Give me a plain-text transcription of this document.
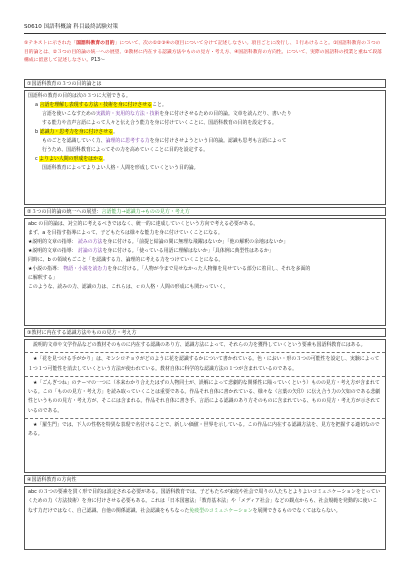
S0610 国語科概論 科目最終試験対策
⑤テキストに示された「国語科教育の目的」について、次の①②③④の項目について分けて記述しなさい。項目ごとに改行し、１行あけること。①国語科教育の３つの目的論とは、②３つの目的論の統一への展望、③教材に内在する認識方法やものの見方・考え方、④国語科教育の方向性。について、実際の国語科の授業と重ねて段落構成に留意して記述しなさい。P13〜
①国語科教育の３つの目的論とは
国語科の教育の目的は次の３つに大別できる。
a 言語を理解し表現する方法・技術を身に付けさせること。
言語を使いこなすための実践的・実用的な方法・技術を身に付けさせるための目的論。文章を読んだり、書いたり
する能力や音声言語によって人々と伝え合う能力を身に付けていくことに、国語科教育の目的を設定する。
b 認識力・思考力を身に付けさせる。
ものごとを認識していく力、論理的に思考する力を身に付けさせようという目的論。認識も思考も言語によって
行うため、国語科教育によってその力を高めていくことに目的を設定する。
c よりよい人間の形成をはかる。
国語科教育によってよりよい人格・人間を形成していくという目的論。
②３つの目的論の統一への展望：言語能力→認識力→ものの見方・考え方
abc の目的論は、対立的に考えるべきではなく、統一的に達成していくという方向で考える必要がある。
まず、a を目指す指導によって、子どもたちは様々な能力を身に付けていくことになる。
★説明的文章の指導： 読みの方法を身に付ける。「前提と結論の間に無理な飛躍はないか」「他の解釈の余地はないか」
★説明的文章の指導： 討論の方法を身に付ける。「使っている用語に理解はないか」「具体例に典型性はあるか」
同時に、b の領域もごこと「を認識する力、論理的に考える力をつけていくことになる。
★小説の指導： 物語・小説を読む力を身に付ける。「人物が今まで見せなかった人物像を見せている部分に着目し、それを多面的
に解釈する」
このような、読みの力、認識の力は、これらは、ｃの人格・人間の形成にも関わっていく。
③教材に内在する認識方法やものの見方・考え方
説明的文章や文学作品などの教材そのものに内在する認識のあり方、認識方法によって、それらの力を獲得していくという要素も国語科教育にはある。
★「花を見つける手がかり」は、モンシロチョウがどのように花を認識するかについて書かれている。色・におい・形の３つの可能性を設定し、実験によって１つ１つ可能性を消去していくという方法が使われている。教材自体に科学的な認識方法の１つが含まれているのである。
★「ごんぎつね」のテーマの一つに（本来わかり合えたはずの人物同士が、誤解によって悲劇的な関係性に陥っていくという）ものの見方・考え方が含まれている。この「ものの見方・考え方」を読み取っていくことは重要である。作品それ自体に書かれている、様々な（言葉の矢印）に伝え合う力の欠如のである悲劇性というものの見方・考え方が、そこには含まれる。作品それ自体に書き手、言語による認識のあり方そのものに含まれている、ものの見方・考え方が示されているのである。
★「羅生門」では、下人の性格を特異な表現で名付けることで、新しい価値・世界を示している。この作品に内在する認識方法を、見方を把握する適切なのである。
④国語科教育の方向性
abc の３つの要素を貫く形で目的は設定される必要がある。国語科教育では、子どもたちが家庭や社会で周りの人たちとよりよいコミュニケーションをとっていくための力（方法技術）を身に付けさせる必要もある。これは「日本国憲法」「教育基本法」や「メディア社会」などの観点からも、社会規範を発動的に使いこなす力だけではなく、自己認識、自他の関係認識、社会認識をもちなった免疫型のコミュニケーションを展開できるものでなくてはならない。
